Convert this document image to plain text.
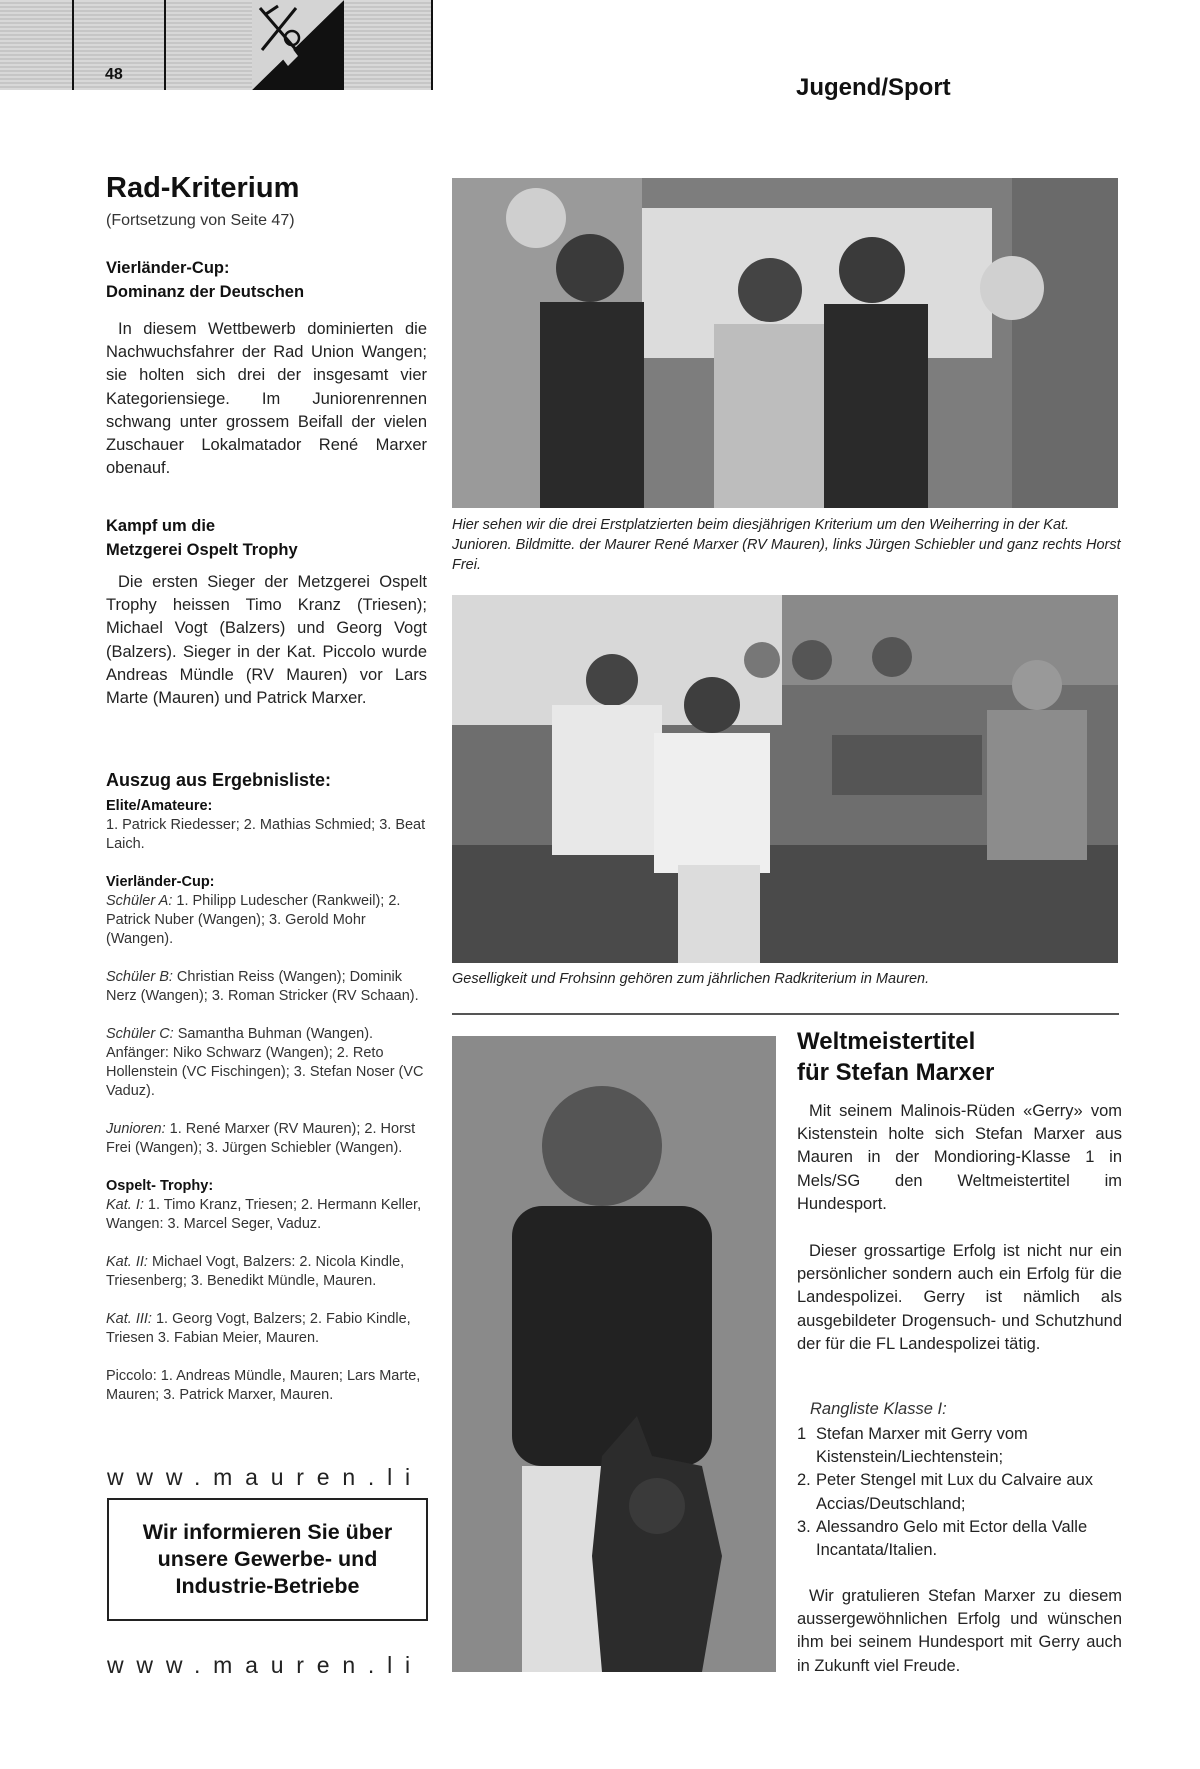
48	Jugend/Sport
Rad-Kriterium
(Fortsetzung von Seite 47)
Vierländer-Cup:
Dominanz der Deutschen
In diesem Wettbewerb dominierten die Nachwuchsfahrer der Rad Union Wangen; sie holten sich drei der insgesamt vier Kategoriensiege. Im Juniorenrennen schwang unter grossem Beifall der vielen Zuschauer Lokalmatador René Marxer obenauf.
Kampf um die
Metzgerei Ospelt Trophy
Die ersten Sieger der Metzgerei Ospelt Trophy heissen Timo Kranz (Triesen); Michael Vogt (Balzers) und Georg Vogt (Balzers). Sieger in der Kat. Piccolo wurde Andreas Mündle (RV Mauren) vor Lars Marte (Mauren) und Patrick Marxer.
Auszug aus Ergebnisliste:
Elite/Amateure:
1. Patrick Riedesser; 2. Mathias Schmied; 3. Beat Laich.
Vierländer-Cup:
Schüler A: 1. Philipp Ludescher (Rankweil); 2. Patrick Nuber (Wangen); 3. Gerold Mohr (Wangen).
Schüler B: Christian Reiss (Wangen); Dominik Nerz (Wangen); 3. Roman Stricker (RV Schaan).
Schüler C: Samantha Buhman (Wangen). Anfänger: Niko Schwarz (Wangen); 2. Reto Hollenstein (VC Fischingen); 3. Stefan Noser (VC Vaduz).
Junioren: 1. René Marxer (RV Mauren); 2. Horst Frei (Wangen); 3. Jürgen Schiebler (Wangen).
Ospelt- Trophy:
Kat. I: 1. Timo Kranz, Triesen; 2. Hermann Keller, Wangen: 3. Marcel Seger, Vaduz.
Kat. II: Michael Vogt, Balzers: 2. Nicola Kindle, Triesenberg; 3. Benedikt Mündle, Mauren.
Kat. III: 1. Georg Vogt, Balzers; 2. Fabio Kindle, Triesen 3. Fabian Meier, Mauren.
Piccolo: 1. Andreas Mündle, Mauren; Lars Marte, Mauren; 3. Patrick Marxer, Mauren.
www.mauren.li
Wir informieren Sie über unsere Gewerbe- und Industrie-Betriebe
www.mauren.li
Hier sehen wir die drei Erstplatzierten beim diesjährigen Kriterium um den Weiherring in der Kat. Junioren. Bildmitte. der Maurer René Marxer (RV Mauren), links Jürgen Schiebler und ganz rechts Horst Frei.
Geselligkeit und Frohsinn gehören zum jährlichen Radkriterium in Mauren.
Weltmeistertitel
für Stefan Marxer
Mit seinem Malinois-Rüden «Gerry» vom Kistenstein holte sich Stefan Marxer aus Mauren in der Mondioring-Klasse 1 in Mels/SG den Weltmeistertitel im Hundesport.
Dieser grossartige Erfolg ist nicht nur ein persönlicher sondern auch ein Erfolg für die Landespolizei. Gerry ist nämlich als ausgebildeter Drogensuch- und Schutzhund der für die FL Landespolizei tätig.
Rangliste Klasse I:
1 Stefan Marxer mit Gerry vom Kistenstein/Liechtenstein;
2. Peter Stengel mit Lux du Calvaire aux Accias/Deutschland;
3. Alessandro Gelo mit Ector della Valle Incantata/Italien.
Wir gratulieren Stefan Marxer zu diesem aussergewöhnlichen Erfolg und wünschen ihm bei seinem Hundesport mit Gerry auch in Zukunft viel Freude.
